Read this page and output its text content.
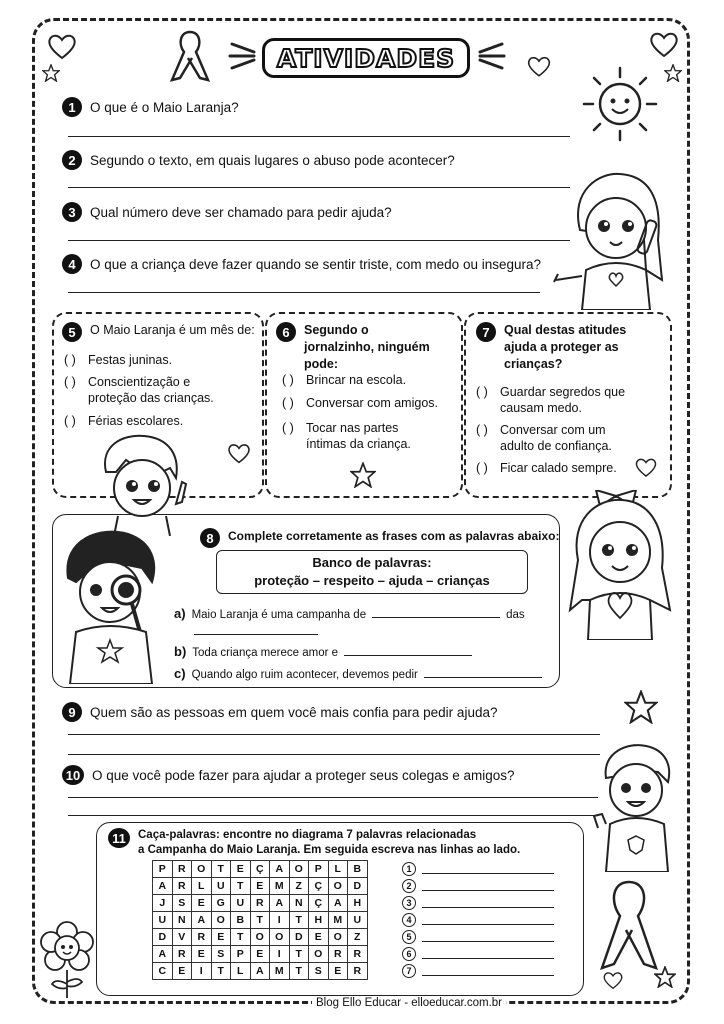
ATIVIDADES
1	O que é o Maio Laranja?
2	Segundo o texto, em quais lugares o abuso pode acontecer?
3	Qual número deve ser chamado para pedir ajuda?
4	O que a criança deve fazer quando se sentir triste, com medo ou insegura?
5	O Maio Laranja é um mês de:
( ) Festas juninas.
( ) Conscientização e proteção das crianças.
( ) Férias escolares.
6	Segundo o jornalzinho, ninguém pode:
( ) Brincar na escola.
( ) Conversar com amigos.
( ) Tocar nas partes íntimas da criança.
7	Qual destas atitudes ajuda a proteger as crianças?
( ) Guardar segredos que causam medo.
( ) Conversar com um adulto de confiança.
( ) Ficar calado sempre.
8	Complete corretamente as frases com as palavras abaixo:
Banco de palavras:
proteção – respeito – ajuda – crianças
a) Maio Laranja é uma campanha de	das
b) Toda criança merece amor e
c) Quando algo ruim acontecer, devemos pedir
9	Quem são as pessoas em quem você mais confia para pedir ajuda?
10 O que você pode fazer para ajudar a proteger seus colegas e amigos?
11	Caça-palavras: encontre no diagrama 7 palavras relacionadas
a Campanha do Maio Laranja. Em seguida escreva nas linhas ao lado.
P	R	O	T	E	Ç	A	O	P	L	B
A	R	L	U	T	E	M	Z	Ç	O	D
J	S	E	G	U	R	A	N	Ç	A	H
U	N	A	O	B	T	I	T	H	M	U
D	V	R	E	T	O	O	D	E	O	Z
A	R	E	S	P	E	I	T	O	R	R
C	E	I	T	L	A	M	T	S	E	R
1
2
3
4
5
6
7
Blog Ello Educar - elloeducar.com.br
